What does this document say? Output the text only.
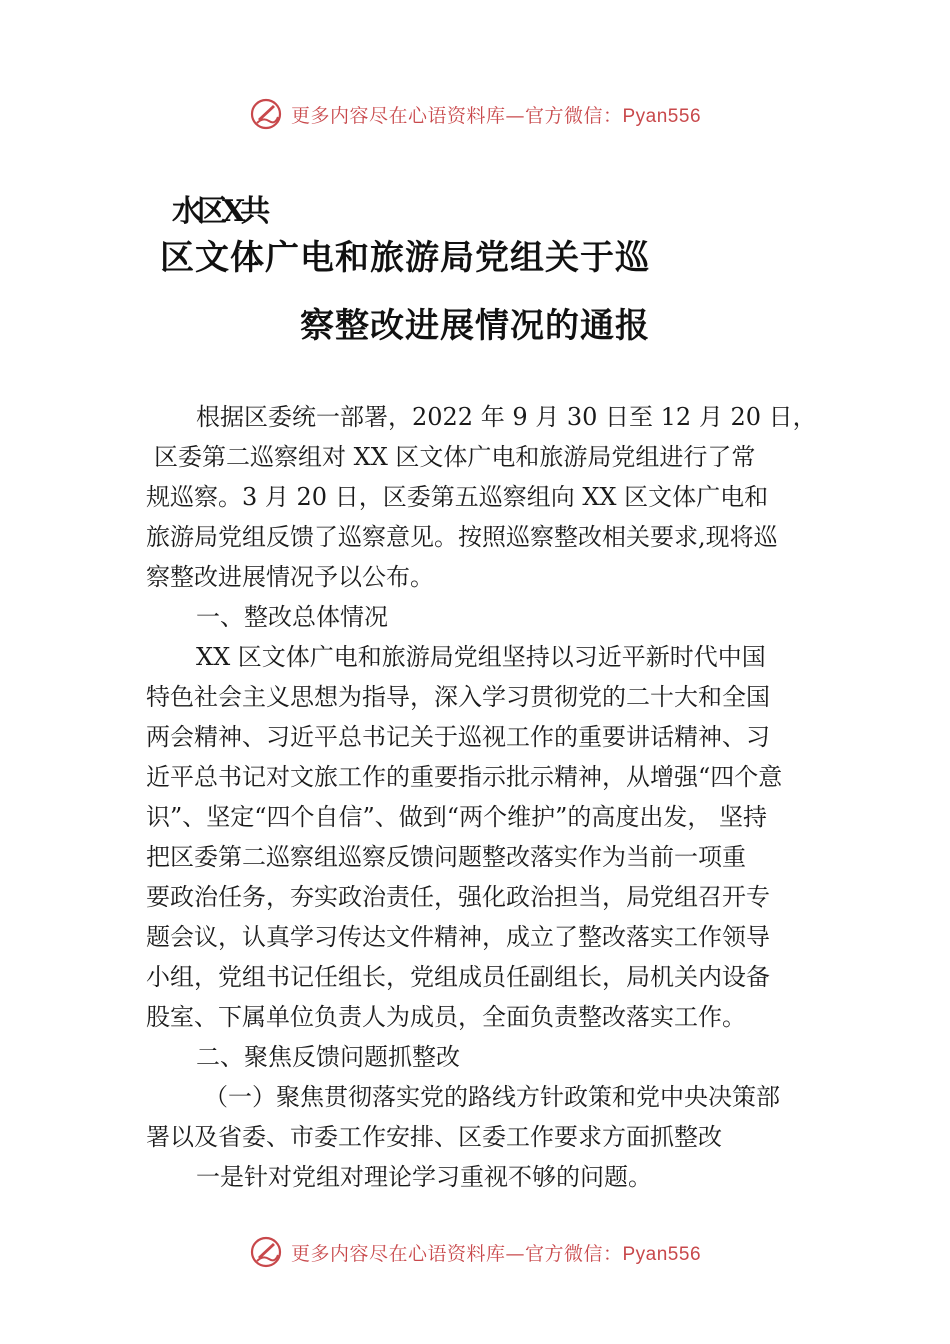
更多内容尽在心语资料库—官方微信：Pyan556
水区X共
区文体广电和旅游局党组关于巡
察整改进展情况的通报
根据区委统一部署，2022 年 9 月 30 日至 12 月 20 日，
区委第二巡察组对 XX 区文体广电和旅游局党组进行了常
规巡察。3 月 20 日，区委第五巡察组向 XX 区文体广电和
旅游局党组反馈了巡察意见。按照巡察整改相关要求,现将巡
察整改进展情况予以公布。
一、整改总体情况
XX 区文体广电和旅游局党组坚持以习近平新时代中国
特色社会主义思想为指导，深入学习贯彻党的二十大和全国
两会精神、习近平总书记关于巡视工作的重要讲话精神、习
近平总书记对文旅工作的重要指示批示精神，从增强“四个意
识”、坚定“四个自信”、做到“两个维护”的高度出发， 坚持
把区委第二巡察组巡察反馈问题整改落实作为当前一项重
要政治任务，夯实政治责任，强化政治担当，局党组召开专
题会议，认真学习传达文件精神，成立了整改落实工作领导
小组，党组书记任组长，党组成员任副组长，局机关内设备
股室、下属单位负责人为成员，全面负责整改落实工作。
二、聚焦反馈问题抓整改
（一）聚焦贯彻落实党的路线方针政策和党中央决策部
署以及省委、市委工作安排、区委工作要求方面抓整改
一是针对党组对理论学习重视不够的问题。
更多内容尽在心语资料库—官方微信：Pyan556
